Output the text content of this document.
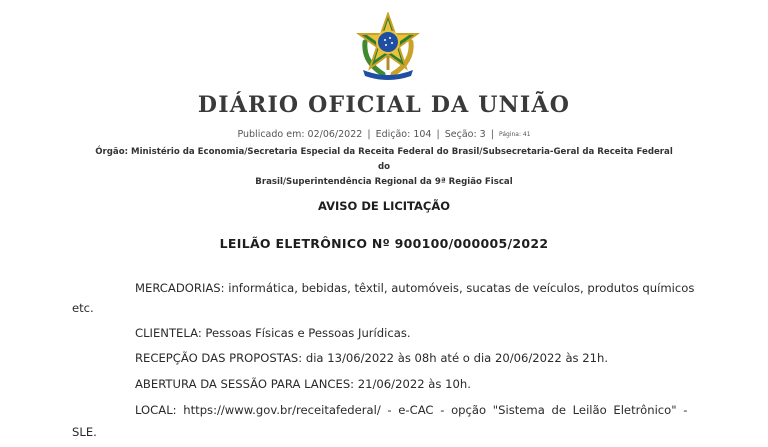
DIÁRIO OFICIAL DA UNIÃO
Publicado em: 02/06/2022 | Edição: 104 | Seção: 3 | Página: 41
Órgão: Ministério da Economia/Secretaria Especial da Receita Federal do Brasil/Subsecretaria-Geral da Receita Federal do
Brasil/Superintendência Regional da 9ª Região Fiscal
AVISO DE LICITAÇÃO
LEILÃO ELETRÔNICO Nº 900100/000005/2022
MERCADORIAS: informática, bebidas, têxtil, automóveis, sucatas de veículos, produtos químicos
etc.
CLIENTELA: Pessoas Físicas e Pessoas Jurídicas.
RECEPÇÃO DAS PROPOSTAS: dia 13/06/2022 às 08h até o dia 20/06/2022 às 21h.
ABERTURA DA SESSÃO PARA LANCES: 21/06/2022 às 10h.
LOCAL: https://www.gov.br/receitafederal/ - e-CAC - opção "Sistema de Leilão Eletrônico" -
SLE.
